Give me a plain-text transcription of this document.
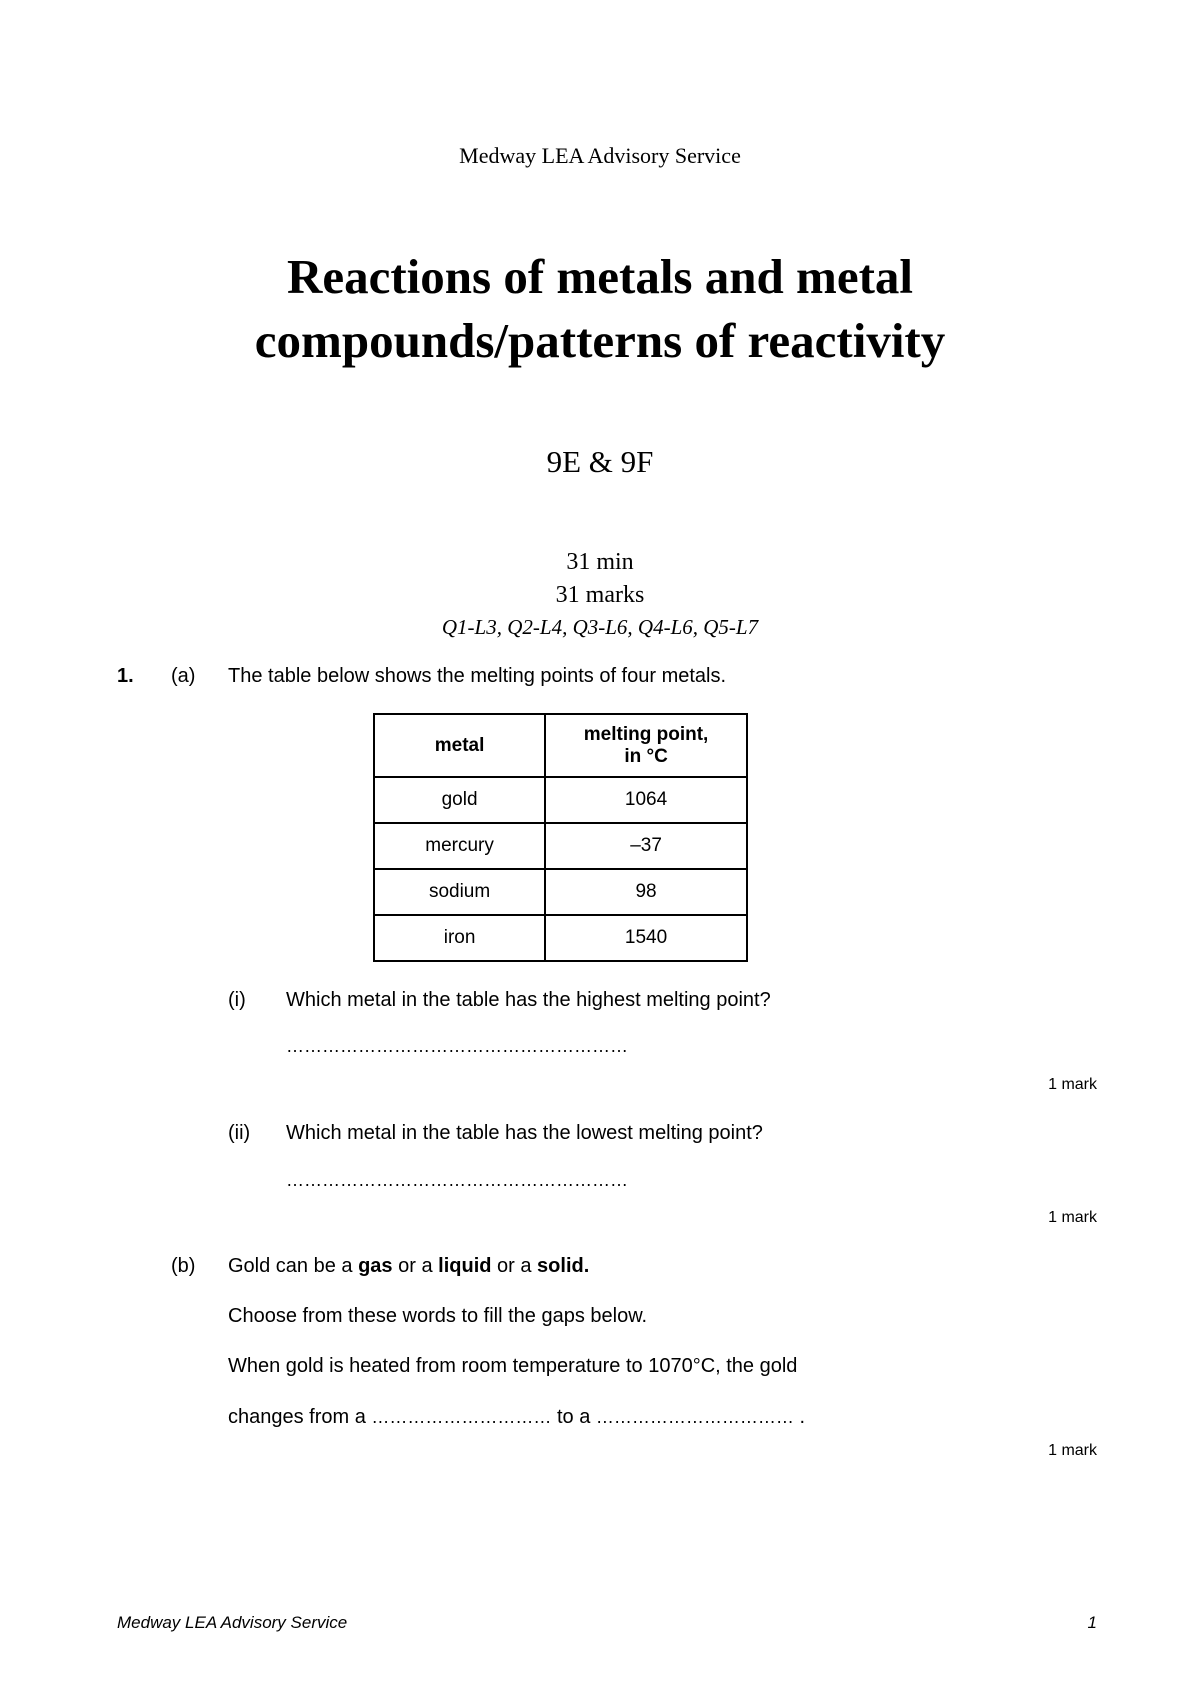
Medway LEA Advisory Service
Reactions of metals and metal
compounds/patterns of reactivity
9E & 9F
31 min
31 marks
Q1-L3, Q2-L4, Q3-L6, Q4-L6, Q5-L7
1. (a) The table below shows the melting points of four metals.
metal	melting point,
in °C
gold	1064
mercury	–37
sodium	98
iron	1540
(i) Which metal in the table has the highest melting point?
…………………………………………………
1 mark
(ii) Which metal in the table has the lowest melting point?
…………………………………………………
1 mark
(b) Gold can be a gas or a liquid or a solid.
Choose from these words to fill the gaps below.
When gold is heated from room temperature to 1070°C, the gold
changes from a ………………………… to a …………………………… .
1 mark
Medway LEA Advisory Service	1
